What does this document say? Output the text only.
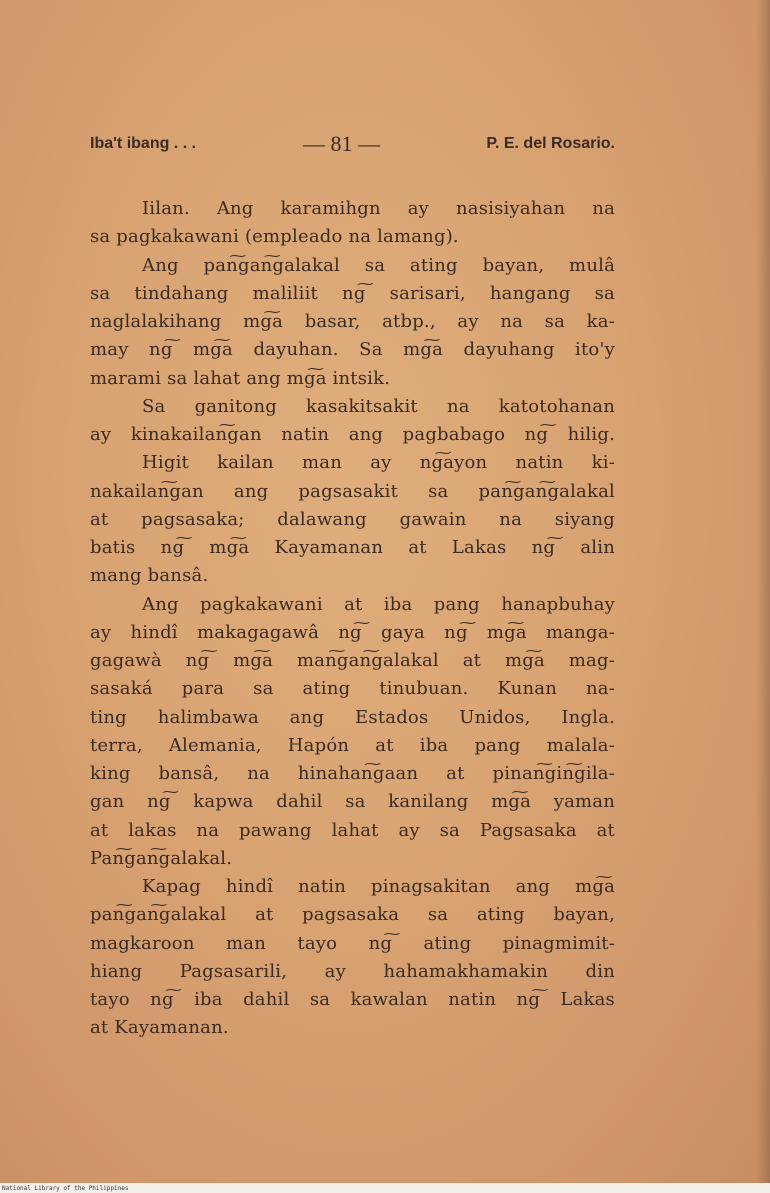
Iba't ibang . . .	— 81 —	P. E. del Rosario.
Iilan. Ang karamihgn ay nasisiyahan na
sa pagkakawani (empleado na lamang).
Ang pan͠gan͠galakal sa ating bayan, mulâ
sa tindahang maliliit ng͠ sarisari, hangang sa
naglalakihang mg͠a basar, atbp., ay na sa ka-
may ng͠ mg͠a dayuhan. Sa mg͠a dayuhang ito'y
marami sa lahat ang mg͠a intsik.
Sa ganitong kasakitsakit na katotohanan
ay kinakailan͠gan natin ang pagbabago ng͠ hilig.
Higit kailan man ay ng͠ayon natin ki-
nakailan͠gan ang pagsasakit sa pan͠gan͠galakal
at pagsasaka; dalawang gawain na siyang
batis ng͠ mg͠a Kayamanan at Lakas ng͠ alin
mang bansâ.
Ang pagkakawani at iba pang hanapbuhay
ay hindî makagagawâ ng͠ gaya ng͠ mg͠a manga-
gagawà ng͠ mg͠a man͠gan͠galakal at mg͠a mag-
sasaká para sa ating tinubuan. Kunan na-
ting halimbawa ang Estados Unidos, Ingla.
terra, Alemania, Hapón at iba pang malala-
king bansâ, na hinahan͠gaan at pinan͠gin͠gila-
gan ng͠ kapwa dahil sa kanilang mg͠a yaman
at lakas na pawang lahat ay sa Pagsasaka at
Pan͠gan͠galakal.
Kapag hindî natin pinagsakitan ang mg͠a
pan͠gan͠galakal at pagsasaka sa ating bayan,
magkaroon man tayo ng͠ ating pinagmimit-
hiang Pagsasarili, ay hahamakhamakin din
tayo ng͠ iba dahil sa kawalan natin ng͠ Lakas
at Kayamanan.
National Library of the Philippines
